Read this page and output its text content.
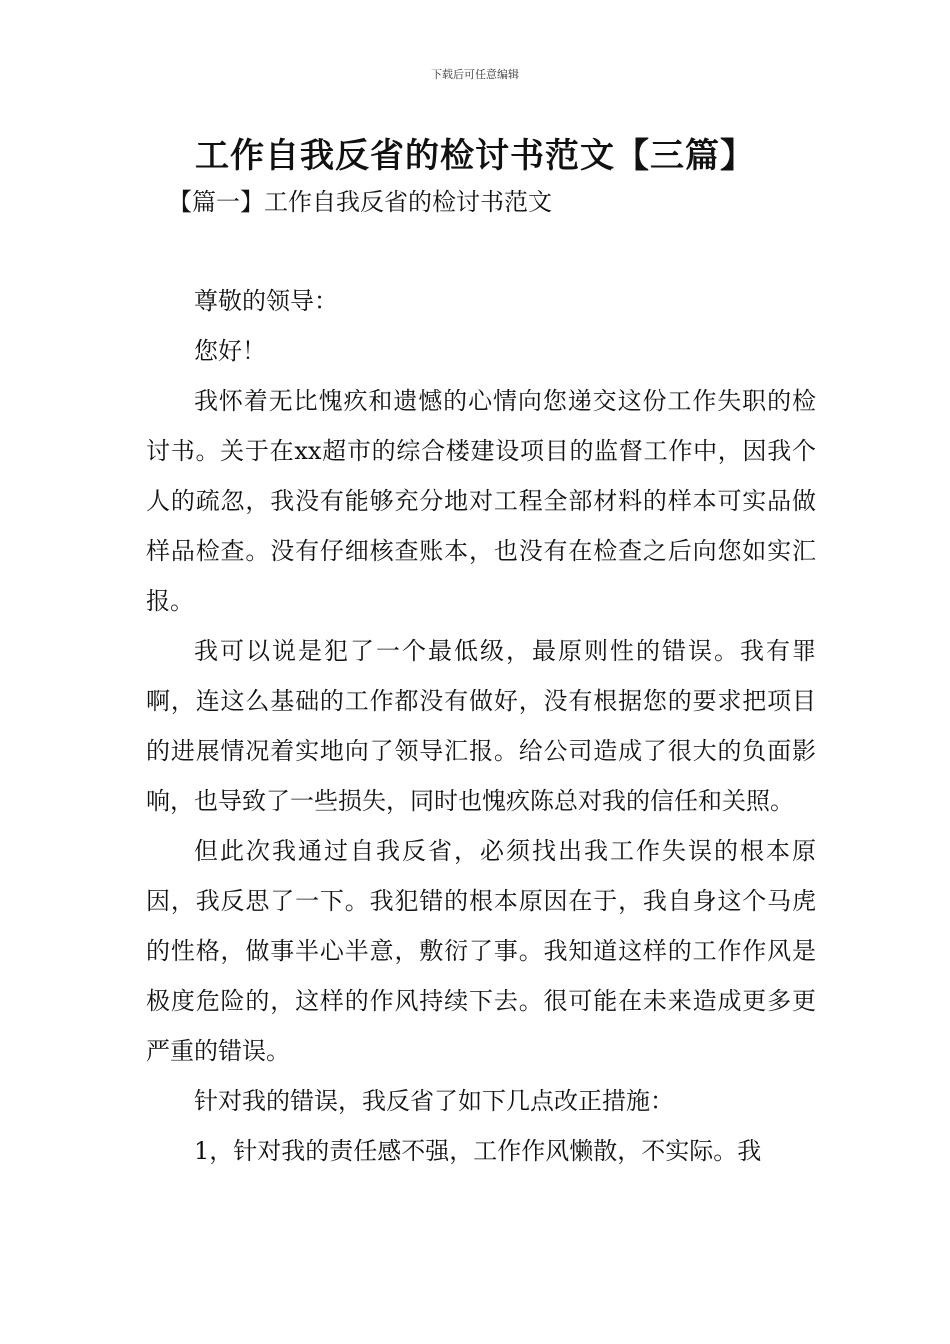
下载后可任意编辑
工作自我反省的检讨书范文【三篇】
【篇一】工作自我反省的检讨书范文

尊敬的领导：

您好！

我怀着无比愧疚和遗憾的心情向您递交这份工作失职的检讨书。关于在xx超市的综合楼建设项目的监督工作中，因我个人的疏忽，我没有能够充分地对工程全部材料的样本可实品做样品检查。没有仔细核查账本，也没有在检查之后向您如实汇报。

我可以说是犯了一个最低级，最原则性的错误。我有罪啊，连这么基础的工作都没有做好，没有根据您的要求把项目的进展情况着实地向了领导汇报。给公司造成了很大的负面影响，也导致了一些损失，同时也愧疚陈总对我的信任和关照。

但此次我通过自我反省，必须找出我工作失误的根本原因，我反思了一下。我犯错的根本原因在于，我自身这个马虎的性格，做事半心半意，敷衍了事。我知道这样的工作作风是极度危险的，这样的作风持续下去。很可能在未来造成更多更严重的错误。

针对我的错误，我反省了如下几点改正措施：

1，针对我的责任感不强，工作作风懒散，不实际。我
